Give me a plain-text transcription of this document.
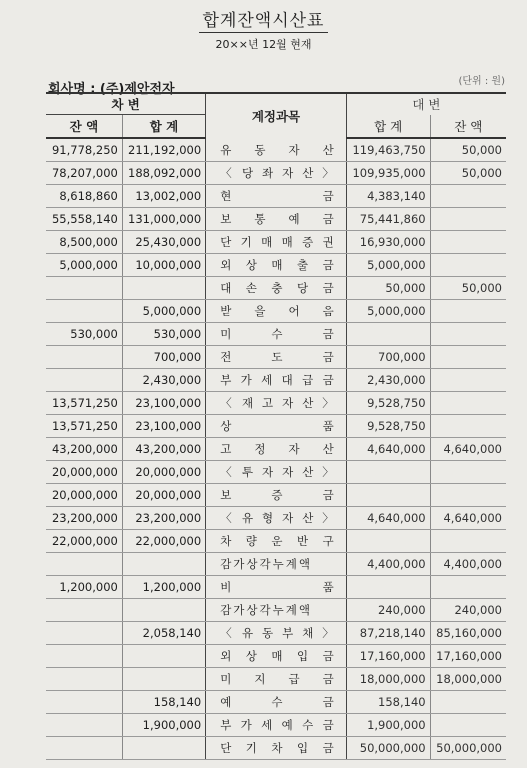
합계잔액시산표
20××년 12월 현재
회사명 : (주)제안전자
(단위 : 원)

차 변		계정과목	대 변	
잔 액	합 계		합 계	잔 액
91,778,250	211,192,000	유 동 자 산	119,463,750	50,000
78,207,000	188,092,000	〈 당 좌 자 산 〉	109,935,000	50,000
8,618,860	13,002,000	현 금	4,383,140	
55,558,140	131,000,000	보 통 예 금	75,441,860	
8,500,000	25,430,000	단 기 매 매 증 권	16,930,000	
5,000,000	10,000,000	외 상 매 출 금	5,000,000	
		대 손 충 당 금	50,000	50,000
	5,000,000	받 을 어 음	5,000,000	
530,000	530,000	미 수 금		
	700,000	전 도 금	700,000	
	2,430,000	부 가 세 대 급 금	2,430,000	
13,571,250	23,100,000	〈 재 고 자 산 〉	9,528,750	
13,571,250	23,100,000	상 품	9,528,750	
43,200,000	43,200,000	고 정 자 산	4,640,000	4,640,000
20,000,000	20,000,000	〈 투 자 자 산 〉		
20,000,000	20,000,000	보 증 금		
23,200,000	23,200,000	〈 유 형 자 산 〉	4,640,000	4,640,000
22,000,000	22,000,000	차 량 운 반 구		
		감가상각누계액	4,400,000	4,400,000
1,200,000	1,200,000	비 품		
		감가상각누계액	240,000	240,000
	2,058,140	〈 유 동 부 채 〉	87,218,140	85,160,000
		외 상 매 입 금	17,160,000	17,160,000
		미 지 급 금	18,000,000	18,000,000
	158,140	예 수 금	158,140	
	1,900,000	부 가 세 예 수 금	1,900,000	
		단 기 차 입 금	50,000,000	50,000,000
